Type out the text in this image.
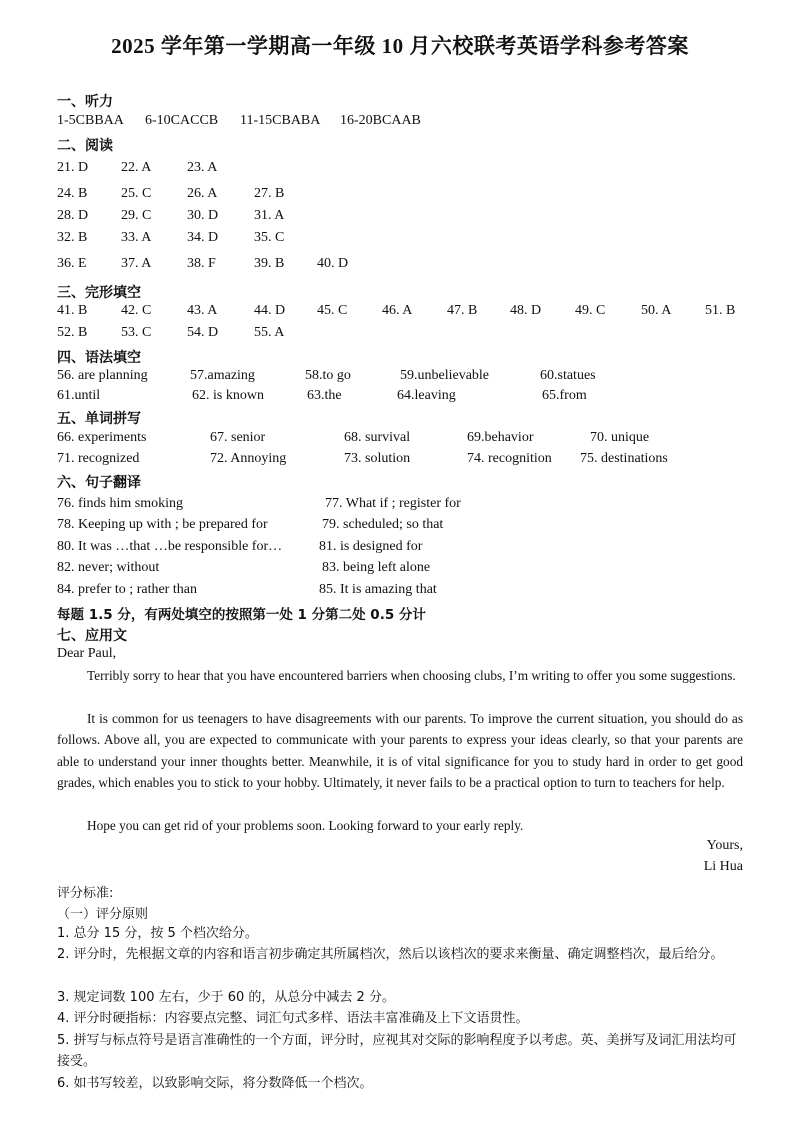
2025 学年第一学期高一年级 10 月六校联考英语学科参考答案
一、听力
1-5CBBAA 6-10CACCB 11-15CBABA 16-20BCAAB
二、阅读
21. D 22. A	23. A
24. B 25. C	26. A	27. B
28. D 29. C	30. D	31. A
32. B 33. A	34. D	35. C
36. E 37. A	38. F	39. B 40. D
三、完形填空
41. B 42. C	43. A	44. D 45. C 46. A 47. B 48. D 49. C	50. A 51. B
52. B 53. C	54. D	55. A
四、语法填空
56. are planning	57.amazing	58.to go	59.unbelievable	60.statues
61.until	62. is known	63.the	64.leaving	65.from
五、单词拼写
66. experiments	67. senior	68. survival	69.behavior	70. unique
71. recognized	72. Annoying	73. solution	74. recognition 75. destinations
六、句子翻译
76. finds him smoking	77. What if ; register for
78. Keeping up with ; be prepared for	79. scheduled; so that
80. It was …that …be responsible for…	81. is designed for
82. never; without	83. being left alone
84. prefer to ; rather than	85. It is amazing that
每题 1.5 分，有两处填空的按照第一处 1 分第二处 0.5 分计
七、应用文
Dear Paul,

Terribly sorry to hear that you have encountered barriers when choosing clubs, I’m writing to offer you some suggestions.

It is common for us teenagers to have disagreements with our parents. To improve the current situation, you should do as follows. Above all, you are expected to communicate with your parents to express your ideas clearly, so that your parents are able to understand your inner thoughts better. Meanwhile, it is of vital significance for you to study hard in order to get good grades, which enables you to stick to your hobby. Ultimately, it never fails to be a practical option to turn to teachers for help.

Hope you can get rid of your problems soon. Looking forward to your early reply.

Yours,
Li Hua
评分标准:
（一）评分原则

1. 总分 15 分，按 5 个档次给分。

2. 评分时，先根据文章的内容和语言初步确定其所属档次，然后以该档次的要求来衡量、确定调整档次，最后给分。

3. 规定词数 100 左右，少于 60 的，从总分中减去 2 分。

4. 评分时硬指标：内容要点完整、词汇句式多样、语法丰富准确及上下文语贯性。

5. 拼写与标点符号是语言准确性的一个方面，评分时，应视其对交际的影响程度予以考虑。英、美拼写及词汇用法均可接受。

6. 如书写较差，以致影响交际，将分数降低一个档次。
